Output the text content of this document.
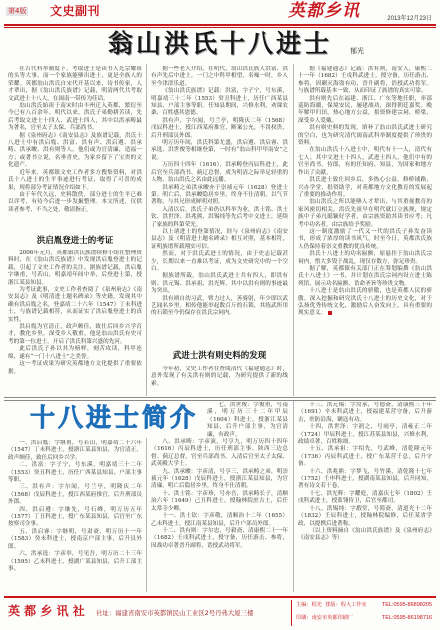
第4版 文史副刊	英都乡讯	2013年12月23日
翁山洪氏十八进士	郁光

在古代科举制度下，考取进士是读书人光宗耀祖的头等大事，而一个家族能够出进士，更是全族人的荣耀。英都翁山洪氏自宋代开基以来，诗书传家，人才辈出，据《翁山洪氏族谱》记载，明清两代共考取文武进士十八人，在闽南一带传为佳话。

翁山洪氏始祖于南宋时由丰州迁入英都，繁衍至今已有八百余年。明代以来，洪氏子弟勤耕苦读，先后考取文进士十四人、武进士四人，其中以洪承畴最为著名，官至太子太保、兵部尚书。

据《泉州府志》《南安县志》及族谱记载，洪氏十八进士中有洪启胤、洪富、洪有声、洪启遵、洪承畴、洪承畯、洪有则等人。他们或为官清廉，造福一方；或著书立说，名垂青史，为家乡留下了宝贵的文化遗产。

近年来，英都镇文史工作者多方搜集资料，对洪氏十八进士的生平事迹进行考证，取得了可喜的成果，现将部分考证情况介绍如下。

由于年代久远，史料散佚，部分进士的生平已难以详考，有待今后进一步发掘整理。本文所述，仅供读者参考，不当之处，敬请指正。

洪启胤登进士的考证

2006年元月，英都镇洪氏族谱续修小组在整理资料时，在《翁山洪氏族谱》中发现洪启胤登进士的记载，引起了文史工作者的关注。据族谱记载，洪启胤字继甫，号若山，明嘉靖年间中举，后登进士第，授浙江某县知县。

为考证此事，文史工作者查阅了《泉州府志》《南安县志》及《明清进士题名碑录》等史籍，发现其中确有洪启胤之名，登嘉靖二十六年（1547）丁未科进士，与族谱记载相符，从而证实了洪启胤登进士的真实性。

洪启胤为官清正，政声颇佳，致仕后回乡兴学育才，教化乡里，深受乡人敬重。他是翁山洪氏有史可考的第一位进士，开启了洪氏科第兴盛的先河。

此后洪氏子孙以其为榜样，刻苦攻读，科甲连绵，遂有“一门十八进士”之美誉。

这一考证成果为研究英都地方文化提供了重要依据。

据一些老人介绍，在明代，翁山洪氏族人洪富、洪有声先后中进士，一门之中科甲相望，名噪一时，乡人至今津津乐道。

《翁山洪氏族谱》记载：洪富，字子宁，号东溪，明嘉靖三十二年（1553）癸丑科进士，历任广西某县知县、户部主事等职。任知县期间，兴修水利，劝课农桑，百姓感其恩德。

洪有声，字尔闻，号兰亭，明隆庆二年（1568）戊辰科进士，授江西某府推官，断案公允，不畏权贵，后升刑部员外郎。

明万历年间，洪氏科第尤盛，洪启遵、洪启睿、洪承选、洪世俊等相继登第，一时有“翁山科甲甲南安”之说。

万历四十四年（1616），洪承畴登丙辰科进士，此后官至兵部尚书、蓟辽总督，成为明清之际举足轻重的人物，翁山洪氏之名由此远播。

洪承畴之弟洪承畯亦于崇祯元年（1628）登进士第。明亡后，洪承畯隐居乡里，终身不仕清朝，以气节著称，与其兄形成鲜明对照。

入清以后，洪氏子弟仍以科举为业，洪士铭、洪士钦、洪世泽、洪兆熊、洪锡纯等先后考中文进士，延续了家族的科第荣光。

以上诸进士的登第情况，经与《泉州府志》《南安县志》及《明清进士题名碑录》相互对照，基本相符，证明族谱所载翔实可信。

然而，对于洪氏武进士的情况，由于史志记载甚少，长期以来一直难以考证，成为文史研究中的一个空白。

据族谱所载，翁山洪氏武进士共有四人，即洪有则、洪元锡、洪承祖、洪光辉，其中以洪有则的事迹最为突出。

洪有则自幼习武，臂力过人，善骑射，年少即以武艺闻名乡里。相传他能举起数百斤的石锁，其练武所用的石锁至今仍保存在洪氏宗祠内。

武进士洪有则史料的发现

今年初，文史工作者在查阅清代《福建通志》时，意外发现了有关洪有则的记载，为研究提供了新的线索。

据《福建通志》记载：洪有则，南安人，康熙二十一年（1682）壬戌科武进士，授守备，历任游击、参将，因剿灭海盗有功，晋升副将，诰授武功将军。与族谱所载基本一致，从而印证了族谱的真实可靠。

洪有则先后在福建、浙江、广东等地任职，率部巡防海疆，保境安民，屡建战功，深得朝廷嘉奖。晚年解甲归田，热心地方公益，捐资修建宗祠、桥梁，深受乡人爱戴。

洪有则史料的发现，填补了翁山洪氏武进士研究的空白，也为研究清代闽南武科举制度提供了珍贵的资料。

在翁山洪氏十八进士中，明代有十一人，清代有七人；其中文进士十四人，武进士四人。他们中有的官至尚书、侍郎，有的任知府、知县，为国家和地方作出了贡献。

洪氏进士致仕回乡后，多热心公益，修桥铺路，兴办学堂，捐资助学，对英都地方文化教育的发展起了重要的推动作用。

翁山洪氏之所以能够人才辈出，与其重视教育的家风密切相关。洪氏先祖早在明代就订立族规，规定族中子弟凡聪颖好学者，由宗族资助其读书应考；凡考中功名者，由宗族给予奖励。

这一制度激励了一代又一代的洪氏子孙发奋读书，形成了浓厚的读书风气。时至今日，英都洪氏族人仍保持着崇文重教的优良传统。

洪氏十八进士的功名匾额，原悬挂于翁山洪氏宗祠内，惜大多毁于战乱，现仅存数方，弥足珍贵。

据了解，英都镇有关部门正在筹划编撰《翁山洪氏十八进士》一书，并计划在洪氏宗祠内设立进士陈列馆，展示功名匾额、诰命圣旨等珍贵文物。

十八进士是翁山洪氏的骄傲，也是英都人民的骄傲。深入挖掘和研究洪氏十八进士的历史文化，对于弘扬优秀传统文化，激励后人奋发向上，具有重要的现实意义。

十八进士简介

一、洪启胤：字继甫，号若山，明嘉靖二十六年（1547）丁未科进士，授浙江某县知县，为官清正，政声颇佳，致仕后回乡兴学。

二、洪富：字子宁，号东溪，明嘉靖三十二年（1553）癸丑科进士，历任广西某县知县、户部主事等职。

三、洪有声：字尔闻，号兰亭，明隆庆二年（1568）戊辰科进士，授江西某府推官，后升刑部员外郎。

四、洪启遵：字继先，号石峰，明万历五年（1577）丁丑科进士，授广东某县知县，后官至广东按察司佥事。

五、洪启睿：字继明，号肃斋，明万历十一年（1583）癸未科进士，授南京户部主事，后升员外郎。

六、洪承选：字彦举，号见吾，明万历二十三年（1595）乙未科进士，授湖广某县知县，后升工部主事。

七、洪世俊：字俊甫，号南溪，明万历三十二年甲辰（1604）科进士，授浙江某县知县，后升户部主事，为官清廉，有政声。

八、洪承畴：字彦演，号亨九，明万历四十四年（1616）丙辰科进士，历任刑部主事、陕西三边总督、蓟辽总督，官至兵部尚书。入清后官至太子太保、武英殿大学士。

九、洪承畯：字彦清，号亨三，洪承畴之弟，明崇祯元年（1628）戊辰科进士，授浙江某县知县，为官清廉。明亡后隐居乡里，终身不仕清朝。

十、洪士铭：字彦珍，号亦吾，洪承畴长子，清顺治六年（1649）己丑科进士，授翰林院庶吉士，后任太常寺少卿。

十一、洪士钦：字彦敬，清顺治十二年（1655）乙未科进士，授江南某县知县，后升户部员外郎。

十二、洪有则：字尔忠，号毅斋，清康熙二十一年（1682）壬戌科武进士，授守备，历任游击、参将，因战功卓著晋升副将，诰授武功将军。

十三、洪元锡：字汝承，号德斋，清康熙三十年（1691）辛未科武进士，授福建某营守备，后升游击，驻防沿海，剿寇有功。

十四、洪世泽：字润之，号雨亭，清雍正二年（1724）甲辰科进士，授江苏某县知县，兴修水利，政绩卓著，百姓称颂。

十五、洪承祖：字绍先，号武峰，清乾隆元年（1736）丙辰科武进士，授广东某营千总，后升守备。

十六、洪兆熊：字梦飞，号竹溪，清乾隆十七年（1752）壬申科进士，授湖南某县知县，后升同知，著有诗文若干卷。

十七、洪光辉：字耀庭，清嘉庆七年（1802）壬戌科武进士，授蓝翎侍卫，后官至都司。

十八、洪锡纯：字嘏堂，号简斋，清道光十二年（1832）壬辰科进士，授翰林院编修，后任某省学政，以提携后进著称。

（以上资料摘自《翁山洪氏族谱》及《泉州府志》《南安县志》等）

英 都 乡 讯 社 社址：福建省南安市英都镇民山工业区2号丹弗大厦三楼
主编：程光  排版：程大工作室	TEL:0595-86898205
印刷：南安市英都印刷厂	TEL:0595-86198716
